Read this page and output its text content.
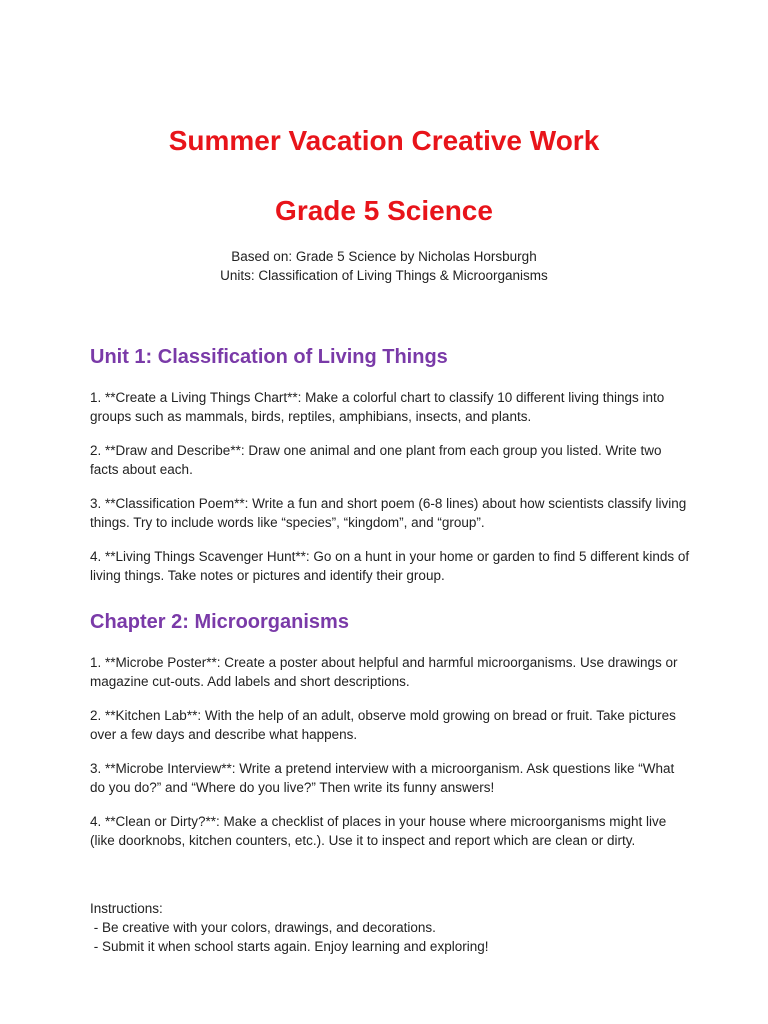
Summer Vacation Creative Work
Grade 5 Science
Based on: Grade 5 Science by Nicholas Horsburgh
Units: Classification of Living Things & Microorganisms
Unit 1: Classification of Living Things

1. **Create a Living Things Chart**: Make a colorful chart to classify 10 different living things into groups such as mammals, birds, reptiles, amphibians, insects, and plants.

2. **Draw and Describe**: Draw one animal and one plant from each group you listed. Write two facts about each.

3. **Classification Poem**: Write a fun and short poem (6-8 lines) about how scientists classify living things. Try to include words like “species”, “kingdom”, and “group”.

4. **Living Things Scavenger Hunt**: Go on a hunt in your home or garden to find 5 different kinds of living things. Take notes or pictures and identify their group.

Chapter 2: Microorganisms

1. **Microbe Poster**: Create a poster about helpful and harmful microorganisms. Use drawings or magazine cut-outs. Add labels and short descriptions.

2. **Kitchen Lab**: With the help of an adult, observe mold growing on bread or fruit. Take pictures over a few days and describe what happens.

3. **Microbe Interview**: Write a pretend interview with a microorganism. Ask questions like “What do you do?” and “Where do you live?” Then write its funny answers!

4. **Clean or Dirty?**: Make a checklist of places in your house where microorganisms might live (like doorknobs, kitchen counters, etc.). Use it to inspect and report which are clean or dirty.

Instructions:
- Be creative with your colors, drawings, and decorations.
- Submit it when school starts again. Enjoy learning and exploring!
